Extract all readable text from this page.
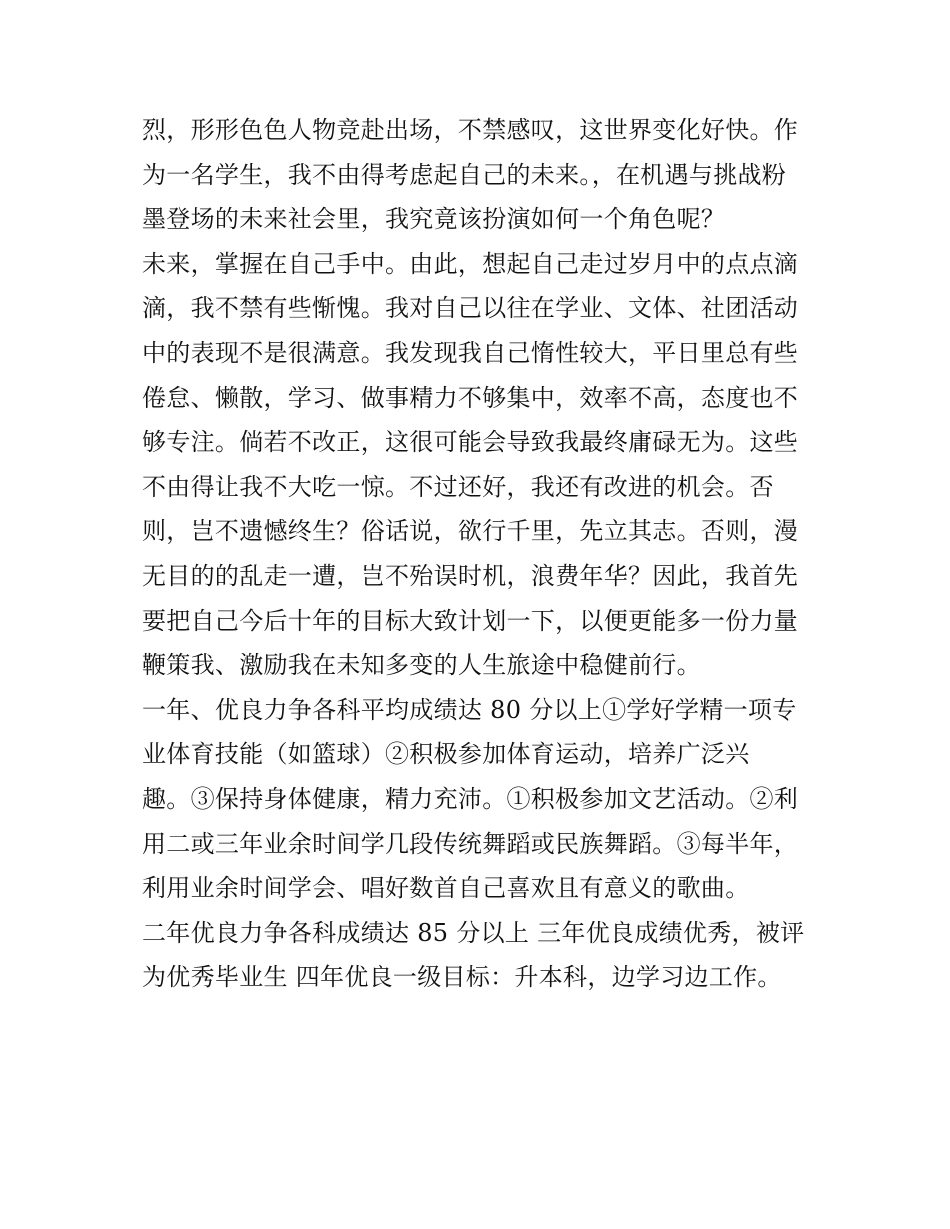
烈，形形色色人物竞赴出场，不禁感叹，这世界变化好快。作
为一名学生，我不由得考虑起自己的未来。，在机遇与挑战粉
墨登场的未来社会里，我究竟该扮演如何一个角色呢？
未来，掌握在自己手中。由此，想起自己走过岁月中的点点滴
滴，我不禁有些惭愧。我对自己以往在学业、文体、社团活动
中的表现不是很满意。我发现我自己惰性较大，平日里总有些
倦怠、懒散，学习、做事精力不够集中，效率不高，态度也不
够专注。倘若不改正，这很可能会导致我最终庸碌无为。这些
不由得让我不大吃一惊。不过还好，我还有改进的机会。否
则，岂不遗憾终生？俗话说，欲行千里，先立其志。否则，漫
无目的的乱走一遭，岂不殆误时机，浪费年华？因此，我首先
要把自己今后十年的目标大致计划一下，以便更能多一份力量
鞭策我、激励我在未知多变的人生旅途中稳健前行。
一年、优良力争各科平均成绩达 80 分以上①学好学精一项专
业体育技能（如篮球）②积极参加体育运动，培养广泛兴
趣。③保持身体健康，精力充沛。①积极参加文艺活动。②利
用二或三年业余时间学几段传统舞蹈或民族舞蹈。③每半年，
利用业余时间学会、唱好数首自己喜欢且有意义的歌曲。
二年优良力争各科成绩达 85 分以上 三年优良成绩优秀，被评
为优秀毕业生 四年优良一级目标：升本科，边学习边工作。
